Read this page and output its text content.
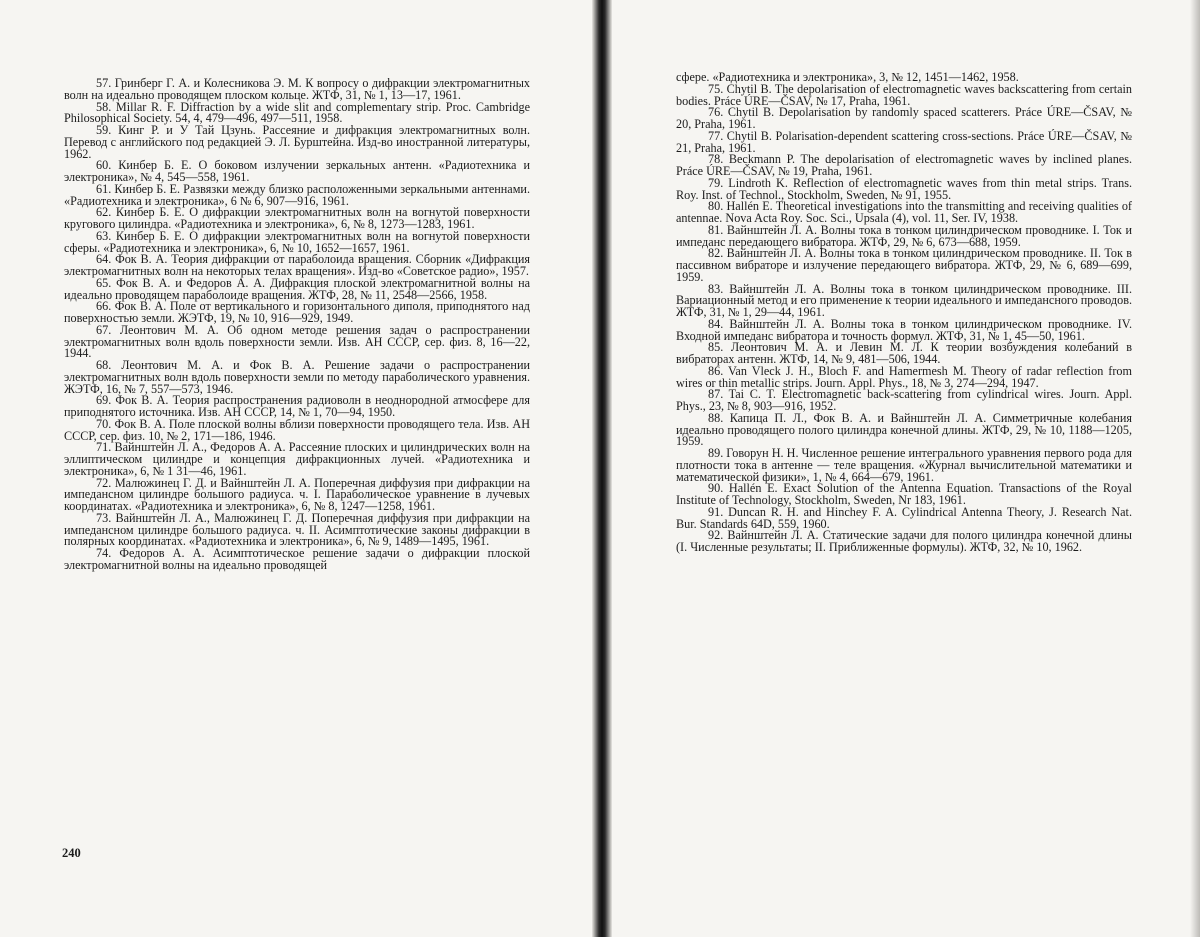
57. Гринберг Г. А. и Колесникова Э. М. К вопросу о дифракции электромагнитных волн на идеально проводящем плоском кольце. ЖТФ, 31, № 1, 13—17, 1961.

58. Millar R. F. Diffraction by a wide slit and complementary strip. Proc. Cambridge Philosophical Society. 54, 4, 479—496, 497—511, 1958.

59. Кинг Р. и У Тай Цзунь. Рассеяние и дифракция электромагнитных волн. Перевод с английского под редакцией Э. Л. Бурштейна. Изд-во иностранной литературы, 1962.

60. Кинбер Б. Е. О боковом излучении зеркальных антенн. «Радиотехника и электроника», № 4, 545—558, 1961.

61. Кинбер Б. Е. Развязки между близко расположенными зеркальными антеннами. «Радиотехника и электроника», 6 № 6, 907—916, 1961.

62. Кинбер Б. Е. О дифракции электромагнитных волн на вогнутой поверхности кругового цилиндра. «Радиотехника и электроника», 6, № 8, 1273—1283, 1961.

63. Кинбер Б. Е. О дифракции электромагнитных волн на вогнутой поверхности сферы. «Радиотехника и электроника», 6, № 10, 1652—1657, 1961.

64. Фок В. А. Теория дифракции от параболоида вращения. Сборник «Дифракция электромагнитных волн на некоторых телах вращения». Изд-во «Советское радио», 1957.

65. Фок В. А. и Федоров А. А. Дифракция плоской электромагнитной волны на идеально проводящем параболоиде вращения. ЖТФ, 28, № 11, 2548—2566, 1958.

66. Фок В. А. Поле от вертикального и горизонтального диполя, приподнятого над поверхностью земли. ЖЭТФ, 19, № 10, 916—929, 1949.

67. Леонтович М. А. Об одном методе решения задач о распространении электромагнитных волн вдоль поверхности земли. Изв. АН СССР, сер. физ. 8, 16—22, 1944.

68. Леонтович М. А. и Фок В. А. Решение задачи о распространении электромагнитных волн вдоль поверхности земли по методу параболического уравнения. ЖЭТФ, 16, № 7, 557—573, 1946.

69. Фок В. А. Теория распространения радиоволн в неоднородной атмосфере для приподнятого источника. Изв. АН СССР, 14, № 1, 70—94, 1950.

70. Фок В. А. Поле плоской волны вблизи поверхности проводящего тела. Изв. АН СССР, сер. физ. 10, № 2, 171—186, 1946.

71. Вайнштейн Л. А., Федоров А. А. Рассеяние плоских и цилиндрических волн на эллиптическом цилиндре и концепция дифракционных лучей. «Радиотехника и электроника», 6, № 1 31—46, 1961.

72. Малюжинец Г. Д. и Вайнштейн Л. А. Поперечная диффузия при дифракции на импедансном цилиндре большого радиуса. ч. I. Параболическое уравнение в лучевых координатах. «Радиотехника и электроника», 6, № 8, 1247—1258, 1961.

73. Вайнштейн Л. А., Малюжинец Г. Д. Поперечная диффузия при дифракции на импедансном цилиндре большого радиуса. ч. II. Асимптотические законы дифракции в полярных координатах. «Радиотехника и электроника», 6, № 9, 1489—1495, 1961.

74. Федоров А. А. Асимптотическое решение задачи о дифракции плоской электромагнитной волны на идеально проводящей

240

сфере. «Радиотехника и электроника», 3, № 12, 1451—1462, 1958.

75. Chytil B. The depolarisation of electromagnetic waves backscattering from certain bodies. Práce ÚRE—ČSAV, № 17, Praha, 1961.

76. Chytil B. Depolarisation by randomly spaced scatterers. Práce ÚRE—ČSAV, № 20, Praha, 1961.

77. Chytil B. Polarisation-dependent scattering cross-sections. Práce ÚRE—ČSAV, № 21, Praha, 1961.

78. Beckmann P. The depolarisation of electromagnetic waves by inclined planes. Práce ÚRE—ČSAV, № 19, Praha, 1961.

79. Lindroth K. Reflection of electromagnetic waves from thin metal strips. Trans. Roy. Inst. of Technol., Stockholm, Sweden, № 91, 1955.

80. Hallén E. Theoretical investigations into the transmitting and receiving qualities of antennae. Nova Acta Roy. Soc. Sci., Upsala (4), vol. 11, Ser. IV, 1938.

81. Вайнштейн Л. А. Волны тока в тонком цилиндрическом проводнике. I. Ток и импеданс передающего вибратора. ЖТФ, 29, № 6, 673—688, 1959.

82. Вайнштейн Л. А. Волны тока в тонком цилиндрическом проводнике. II. Ток в пассивном вибраторе и излучение передающего вибратора. ЖТФ, 29, № 6, 689—699, 1959.

83. Вайнштейн Л. А. Волны тока в тонком цилиндрическом проводнике. III. Вариационный метод и его применение к теории идеального и импедансного проводов. ЖТФ, 31, № 1, 29—44, 1961.

84. Вайнштейн Л. А. Волны тока в тонком цилиндрическом проводнике. IV. Входной импеданс вибратора и точность формул. ЖТФ, 31, № 1, 45—50, 1961.

85. Леонтович М. А. и Левин М. Л. К теории возбуждения колебаний в вибраторах антенн. ЖТФ, 14, № 9, 481—506, 1944.

86. Van Vleck J. H., Bloch F. and Hamermesh M. Theory of radar reflection from wires or thin metallic strips. Journ. Appl. Phys., 18, № 3, 274—294, 1947.

87. Tai C. T. Electromagnetic back-scattering from cylindrical wires. Journ. Appl. Phys., 23, № 8, 903—916, 1952.

88. Капица П. Л., Фок В. А. и Вайнштейн Л. А. Симметричные колебания идеально проводящего полого цилиндра конечной длины. ЖТФ, 29, № 10, 1188—1205, 1959.

89. Говорун Н. Н. Численное решение интегрального уравнения первого рода для плотности тока в антенне — теле вращения. «Журнал вычислительной математики и математической физики», 1, № 4, 664—679, 1961.

90. Hallén E. Exact Solution of the Antenna Equation. Transactions of the Royal Institute of Technology, Stockholm, Sweden, Nr 183, 1961.

91. Duncan R. H. and Hinchey F. A. Cylindrical Antenna Theory, J. Research Nat. Bur. Standards 64D, 559, 1960.

92. Вайнштейн Л. А. Статические задачи для полого цилиндра конечной длины (I. Численные результаты; II. Приближенные формулы). ЖТФ, 32, № 10, 1962.
